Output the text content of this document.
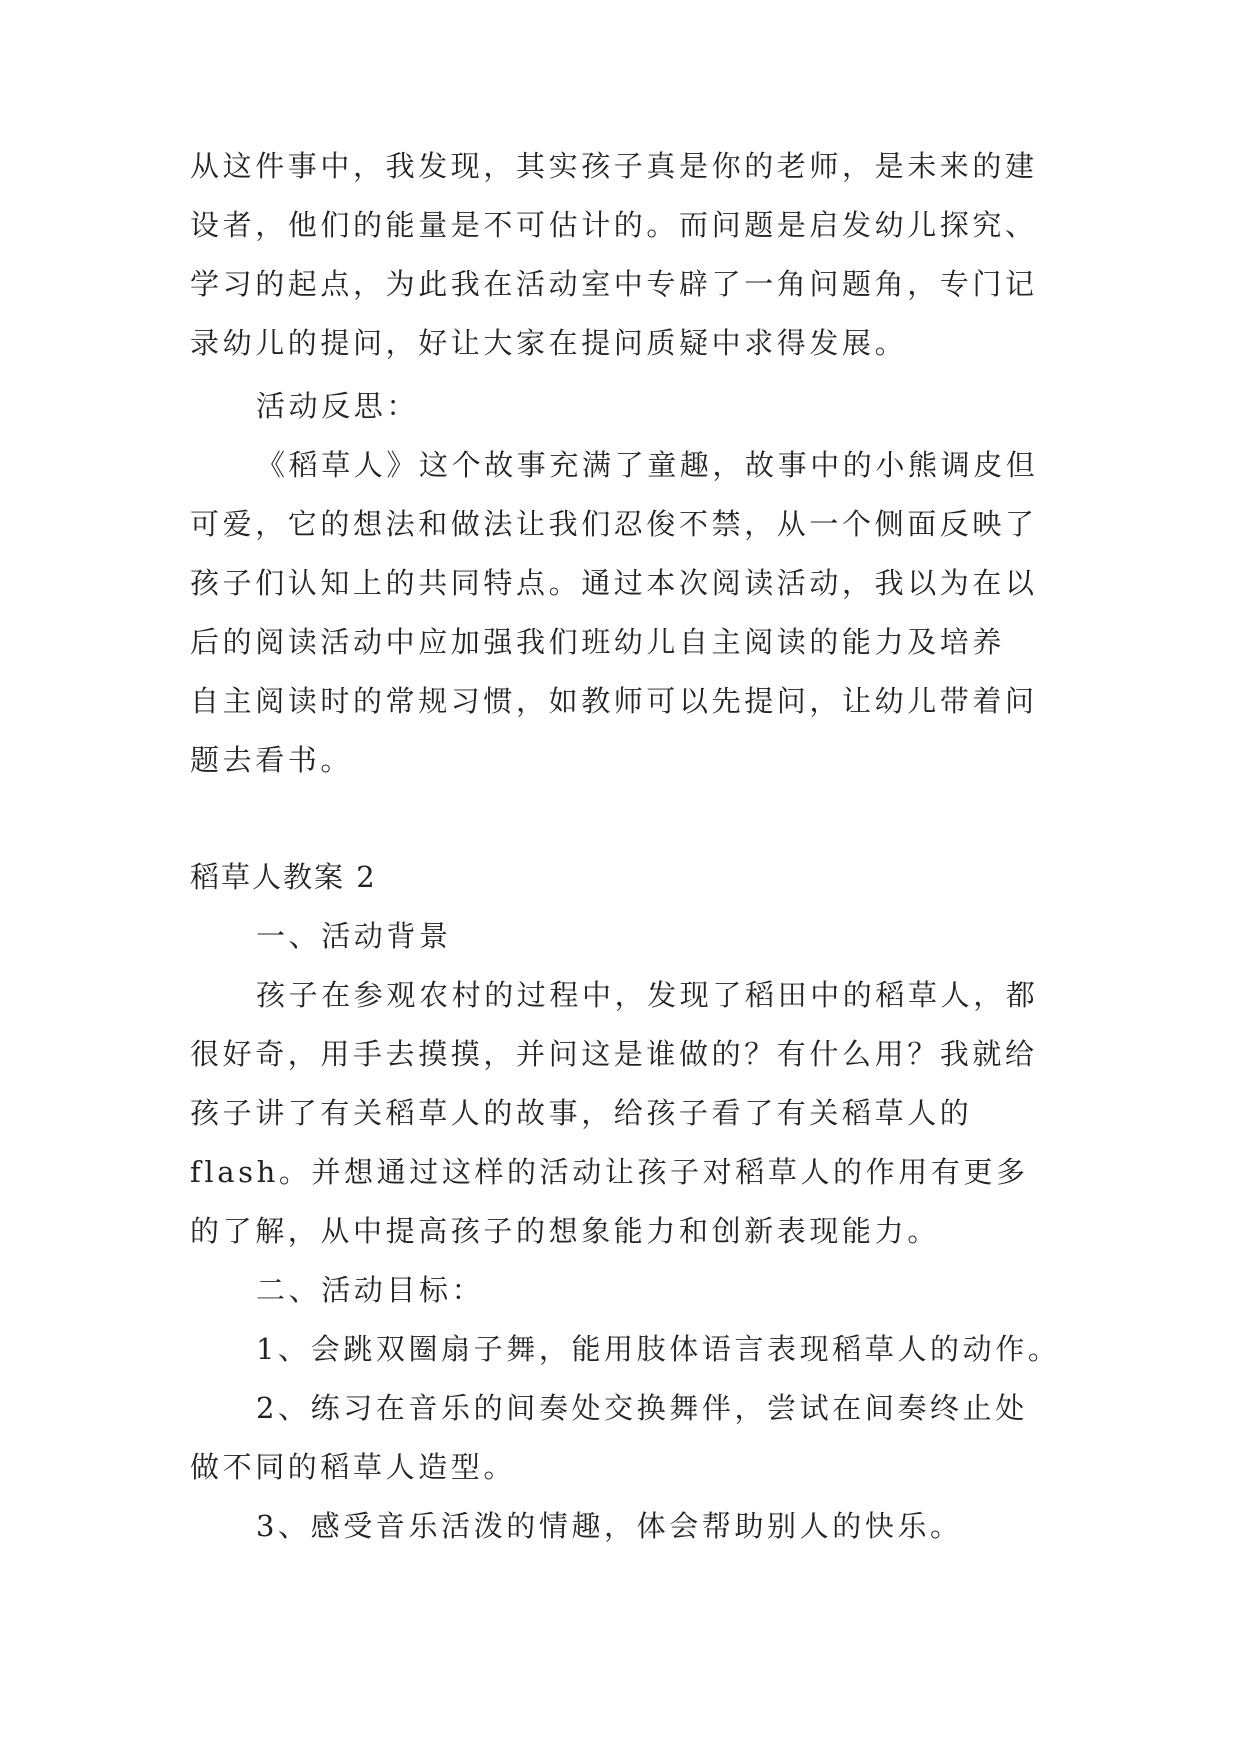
从这件事中，我发现，其实孩子真是你的老师，是未来的建
设者，他们的能量是不可估计的。而问题是启发幼儿探究、
学习的起点，为此我在活动室中专辟了一角问题角，专门记
录幼儿的提问，好让大家在提问质疑中求得发展。
活动反思：
《稻草人》这个故事充满了童趣，故事中的小熊调皮但
可爱，它的想法和做法让我们忍俊不禁，从一个侧面反映了
孩子们认知上的共同特点。通过本次阅读活动，我以为在以
后的阅读活动中应加强我们班幼儿自主阅读的能力及培养
自主阅读时的常规习惯，如教师可以先提问，让幼儿带着问
题去看书。
稻草人教案 2
一、活动背景
孩子在参观农村的过程中，发现了稻田中的稻草人，都
很好奇，用手去摸摸，并问这是谁做的？有什么用？我就给
孩子讲了有关稻草人的故事，给孩子看了有关稻草人的
flash。并想通过这样的活动让孩子对稻草人的作用有更多
的了解，从中提高孩子的想象能力和创新表现能力。
二、活动目标：
1、会跳双圈扇子舞，能用肢体语言表现稻草人的动作。
2、练习在音乐的间奏处交换舞伴，尝试在间奏终止处
做不同的稻草人造型。
3、感受音乐活泼的情趣，体会帮助别人的快乐。
